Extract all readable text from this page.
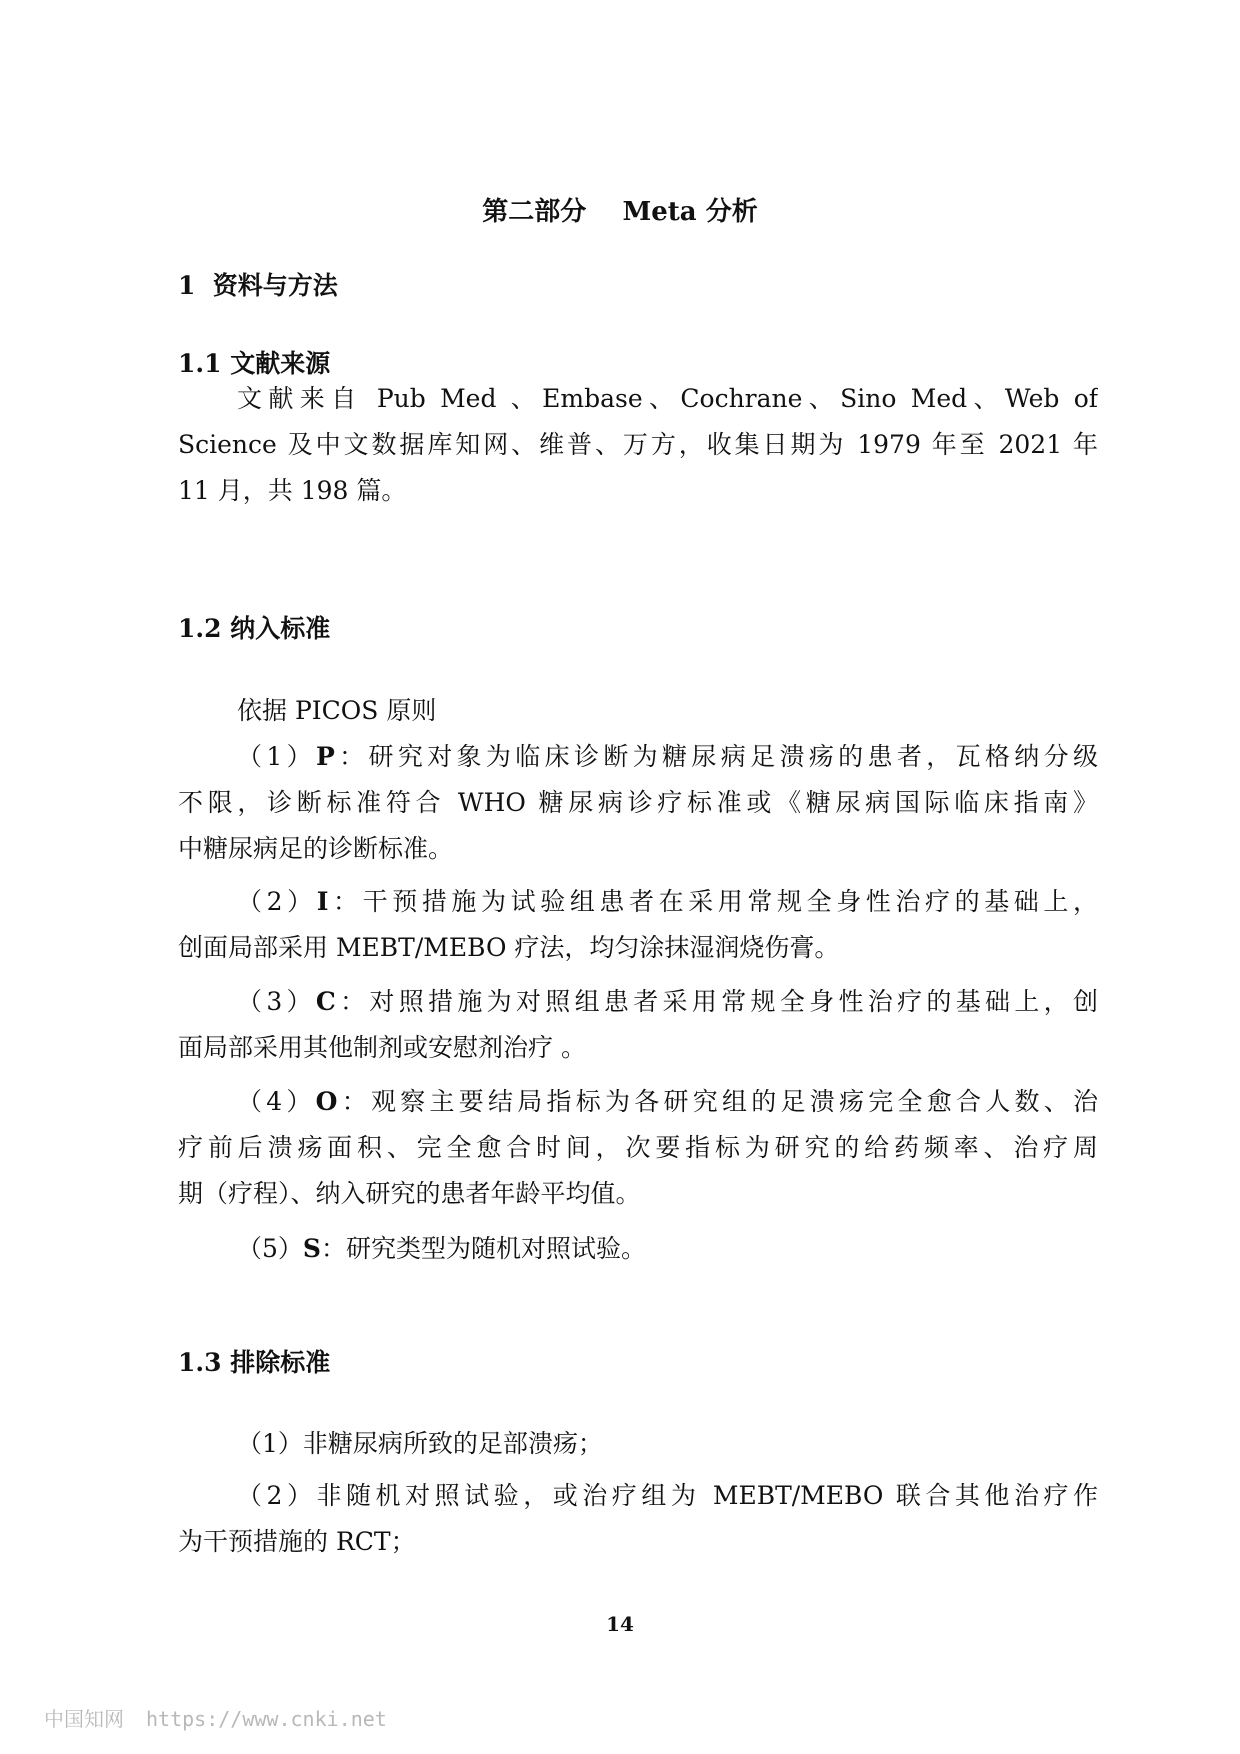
第二部分    Meta 分析
1  资料与方法
1.1 文献来源
文献来自 Pub Med 、Embase、Cochrane、Sino Med、Web of
Science 及中文数据库知网、维普、万方，收集日期为 1979 年至 2021 年
11 月，共 198 篇。
1.2 纳入标准
依据 PICOS 原则
（1）P：研究对象为临床诊断为糖尿病足溃疡的患者，瓦格纳分级
不限，诊断标准符合 WHO 糖尿病诊疗标准或《糖尿病国际临床指南》
中糖尿病足的诊断标准。
（2）I：干预措施为试验组患者在采用常规全身性治疗的基础上，
创面局部采用 MEBT/MEBO 疗法，均匀涂抹湿润烧伤膏。
（3）C：对照措施为对照组患者采用常规全身性治疗的基础上，创
面局部采用其他制剂或安慰剂治疗 。
（4）O：观察主要结局指标为各研究组的足溃疡完全愈合人数、治
疗前后溃疡面积、完全愈合时间，次要指标为研究的给药频率、治疗周
期（疗程）、纳入研究的患者年龄平均值。
（5）S：研究类型为随机对照试验。
1.3 排除标准
（1）非糖尿病所致的足部溃疡；
（2）非随机对照试验，或治疗组为 MEBT/MEBO 联合其他治疗作
为干预措施的 RCT；
14
中国知网 https://www.cnki.net
